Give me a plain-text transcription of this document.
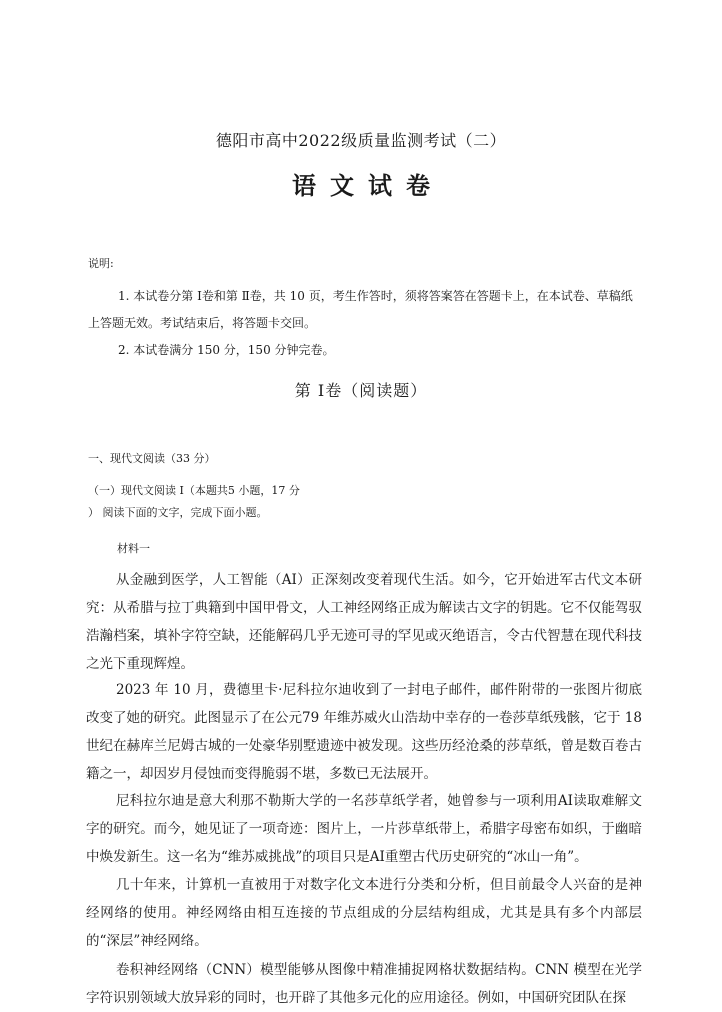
德阳市高中2022级质量监测考试（二）
语文试卷
说明:
1. 本试卷分第 Ⅰ卷和第 Ⅱ卷，共 10 页，考生作答时，须将答案答在答题卡上，在本试卷、草稿纸上答题无效。考试结束后，将答题卡交回。
2. 本试卷满分 150 分，150 分钟完卷。
第 Ⅰ卷（阅读题）
一、现代文阅读（33 分）
（一）现代文阅读 Ⅰ（本题共5 小题，17 分
） 阅读下面的文字，完成下面小题。
材料一
从金融到医学，人工智能（AI）正深刻改变着现代生活。如今，它开始进军古代文本研究：从希腊与拉丁典籍到中国甲骨文，人工神经网络正成为解读古文字的钥匙。它不仅能驾驭浩瀚档案，填补字符空缺，还能解码几乎无迹可寻的罕见或灭绝语言，令古代智慧在现代科技之光下重现辉煌。
2023 年 10 月，费德里卡·尼科拉尔迪收到了一封电子邮件，邮件附带的一张图片彻底改变了她的研究。此图显示了在公元79 年维苏威火山浩劫中幸存的一卷莎草纸残骸，它于 18 世纪在赫库兰尼姆古城的一处豪华别墅遗迹中被发现。这些历经沧桑的莎草纸，曾是数百卷古籍之一，却因岁月侵蚀而变得脆弱不堪，多数已无法展开。
尼科拉尔迪是意大利那不勒斯大学的一名莎草纸学者，她曾参与一项利用AI读取难解文字的研究。而今，她见证了一项奇迹：图片上，一片莎草纸带上，希腊字母密布如织，于幽暗中焕发新生。这一名为“维苏威挑战”的项目只是AI重塑古代历史研究的“冰山一角”。
几十年来，计算机一直被用于对数字化文本进行分类和分析，但目前最令人兴奋的是神经网络的使用。神经网络由相互连接的节点组成的分层结构组成，尤其是具有多个内部层的“深层”神经网络。
卷积神经网络（CNN）模型能够从图像中精准捕捉网格状数据结构。CNN 模型在光学字符识别领域大放异彩的同时，也开辟了其他多元化的应用途径。例如，中国研究团队在探
